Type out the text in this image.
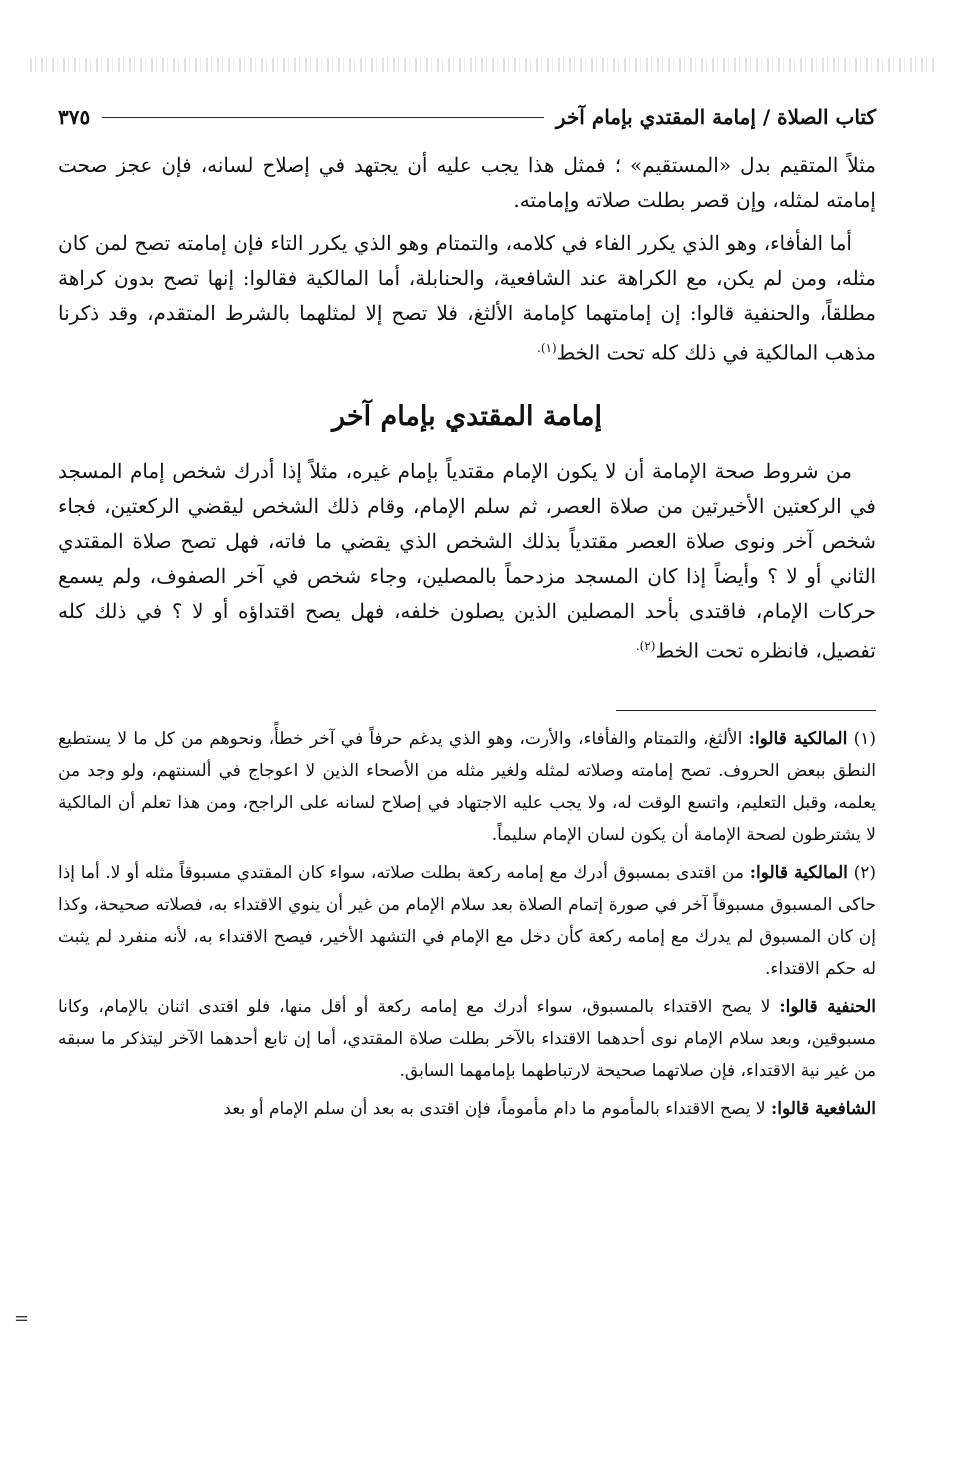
كتاب الصلاة / إمامة المقتدي بإمام آخر
٣٧٥

مثلاً المتقيم بدل «المستقيم» ؛ فمثل هذا يجب عليه أن يجتهد في إصلاح لسانه، فإن عجز صحت إمامته لمثله، وإن قصر بطلت صلاته وإمامته.

أما الفأفاء، وهو الذي يكرر الفاء في كلامه، والتمتام وهو الذي يكرر التاء فإن إمامته تصح لمن كان مثله، ومن لم يكن، مع الكراهة عند الشافعية، والحنابلة، أما المالكية فقالوا: إنها تصح بدون كراهة مطلقاً، والحنفية قالوا: إن إمامتهما كإمامة الألثغ، فلا تصح إلا لمثلهما بالشرط المتقدم، وقد ذكرنا مذهب المالكية في ذلك كله تحت الخط$^{(١).}$

إمامة المقتدي بإمام آخر

من شروط صحة الإمامة أن لا يكون الإمام مقتدياً بإمام غيره، مثلاً إذا أدرك شخص إمام المسجد في الركعتين الأخيرتين من صلاة العصر، ثم سلم الإمام، وقام ذلك الشخص ليقضي الركعتين، فجاء شخص آخر ونوى صلاة العصر مقتدياً بذلك الشخص الذي يقضي ما فاته، فهل تصح صلاة المقتدي الثاني أو لا ؟ وأيضاً إذا كان المسجد مزدحماً بالمصلين، وجاء شخص في آخر الصفوف، ولم يسمع حركات الإمام، فاقتدى بأحد المصلين الذين يصلون خلفه، فهل يصح اقتداؤه أو لا ؟ في ذلك كله تفصيل، فانظره تحت الخط$^{(٢).}$

(١) المالكية قالوا: الألثغ، والتمتام والفأفاء، والأرت، وهو الذي يدغم حرفاً في آخر خطأً، ونحوهم من كل ما لا يستطيع النطق ببعض الحروف. تصح إمامته وصلاته لمثله ولغير مثله من الأصحاء الذين لا اعوجاج في ألسنتهم، ولو وجد من يعلمه، وقبل التعليم، واتسع الوقت له، ولا يجب عليه الاجتهاد في إصلاح لسانه على الراجح، ومن هذا تعلم أن المالكية لا يشترطون لصحة الإمامة أن يكون لسان الإمام سليماً.

(٢) المالكية قالوا: من اقتدى بمسبوق أدرك مع إمامه ركعة بطلت صلاته، سواء كان المقتدي مسبوقاً مثله أو لا. أما إذا حاكى المسبوق مسبوقاً آخر في صورة إتمام الصلاة بعد سلام الإمام من غير أن ينوي الاقتداء به، فصلاته صحيحة، وكذا إن كان المسبوق لم يدرك مع إمامه ركعة كأن دخل مع الإمام في التشهد الأخير، فيصح الاقتداء به، لأنه منفرد لم يثبت له حكم الاقتداء.

الحنفية قالوا: لا يصح الاقتداء بالمسبوق، سواء أدرك مع إمامه ركعة أو أقل منها، فلو اقتدى اثنان بالإمام، وكانا مسبوقين، وبعد سلام الإمام نوى أحدهما الاقتداء بالآخر بطلت صلاة المقتدي، أما إن تابع أحدهما الآخر ليتذكر ما سبقه من غير نية الاقتداء، فإن صلاتهما صحيحة لارتباطهما بإمامهما السابق.

الشافعية قالوا: لا يصح الاقتداء بالمأموم ما دام مأموماً، فإن اقتدى به بعد أن سلم الإمام أو بعد

=
